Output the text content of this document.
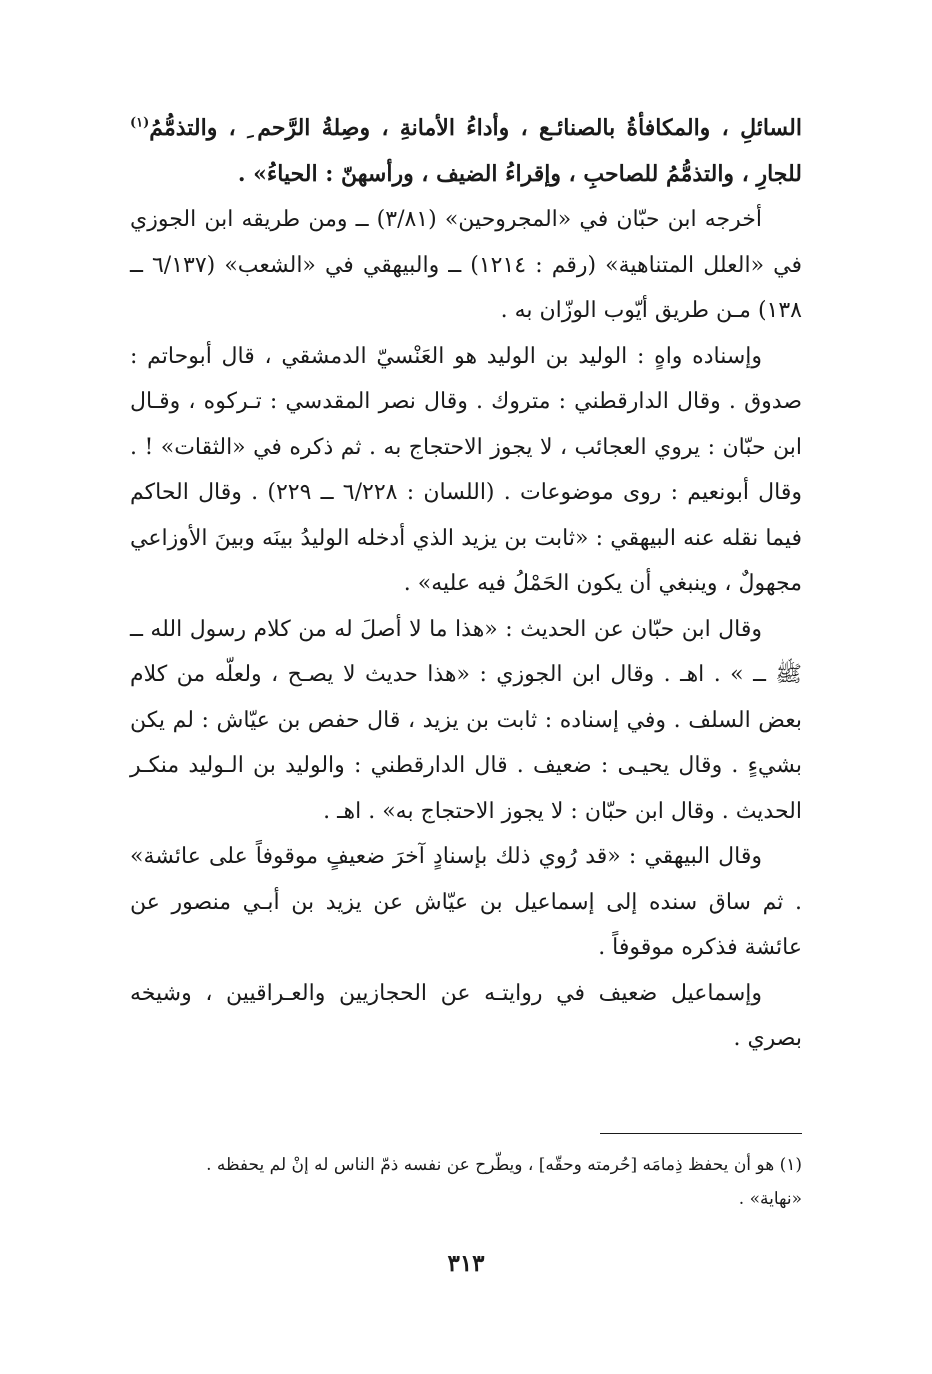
السائلِ ، والمكافأةُ بالصنائـع ، وأداءُ الأمانةِ ، وصِلةُ الرَّحم ِ ، والتذمُّمُ$^{(١)}$ للجارِ ، والتذمُّمُ للصاحبِ ، وإقراءُ الضيف ، ورأسهنّ : الحياءُ» .

أخرجه ابن حبّان في «المجروحين» (٣/٨١) ــ ومن طريقه ابن الجوزي في «العلل المتناهية» (رقم : ١٢١٤) ــ والبيهقي في «الشعب» (٦/١٣٧ ــ ١٣٨) مـن طريق أيّوب الوزّان به .

وإسناده واهٍ : الوليد بن الوليد هو العَنْسيّ الدمشقي ، قال أبوحاتم : صدوق . وقال الدارقطني : متروك . وقال نصر المقدسي : تـركوه ، وقـال ابن حبّان : يروي العجائب ، لا يجوز الاحتجاج به . ثم ذكره في «الثقات» ! . وقال أبونعيم : روى موضوعات . (اللسان : ٦/٢٢٨ ــ ٢٢٩) . وقال الحاكم فيما نقله عنه البيهقي : «ثابت بن يزيد الذي أدخله الوليدُ بينَه وبينَ الأوزاعي مجهولٌ ، وينبغي أن يكون الحَمْلُ فيه عليه» .

وقال ابن حبّان عن الحديث : «هذا ما لا أصلَ له من كلام رسول الله ــ ﷺ ــ » . اهـ . وقال ابن الجوزي : «هذا حديث لا يصـح ، ولعلّه من كلام بعض السلف . وفي إسناده : ثابت بن يزيد ، قال حفص بن عيّاش : لم يكن بشيءٍ . وقال يحيـى : ضعيف . قال الدارقطني : والوليد بن الـوليد منكـر الحديث . وقال ابن حبّان : لا يجوز الاحتجاج به» . اهـ .

وقال البيهقي : «قد رُوي ذلك بإسنادٍ آخرَ ضعيفٍ موقوفاً على عائشة» . ثم ساق سنده إلى إسماعيل بن عيّاش عن يزيد بن أبـي منصور عن عائشة فذكره موقوفاً .

وإسماعيل ضعيف في روايتـه عن الحجازيين والعـراقيين ، وشيخه بصري .

(١) هو أن يحفظ ذِمامَه [حُرمته وحقّه] ، ويطّرح عن نفسه ذمّ الناس له إنْ لم يحفظه .

«نهاية» .

٣١٣
